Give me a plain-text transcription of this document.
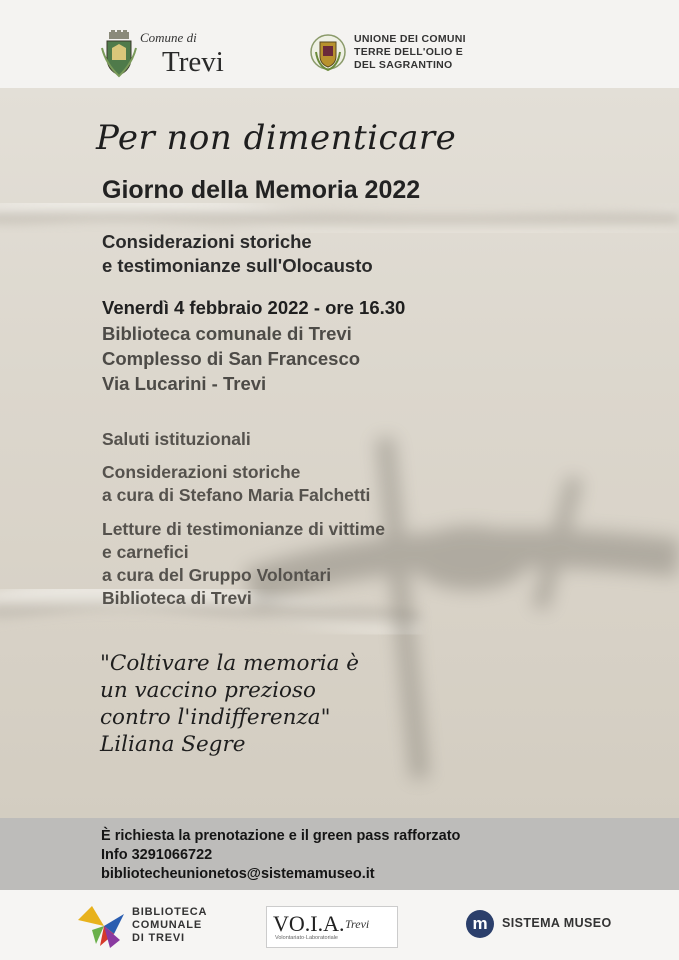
Comune di
Trevi
UNIONE DEI COMUNI
TERRE DELL'OLIO E
DEL SAGRANTINO
Per non dimenticare
Giorno della Memoria 2022
Considerazioni storiche
e testimonianze sull'Olocausto
Venerdì 4 febbraio 2022 - ore 16.30
Biblioteca comunale di Trevi
Complesso di San Francesco
Via Lucarini - Trevi
Saluti istituzionali
Considerazioni storiche
a cura di Stefano Maria Falchetti
Letture di testimonianze di vittime
e carnefici
a cura del Gruppo Volontari
Biblioteca di Trevi
"Coltivare la memoria è
un vaccino prezioso
contro l'indifferenza"
Liliana Segre
È richiesta la prenotazione e il green pass rafforzato
Info 3291066722
bibliotecheunionetos@sistemamuseo.it
BIBLIOTECA
COMUNALE
DI TREVI
VO.I.A. Trevi
Volontariato·Laboratoriale
m	SISTEMA MUSEO
